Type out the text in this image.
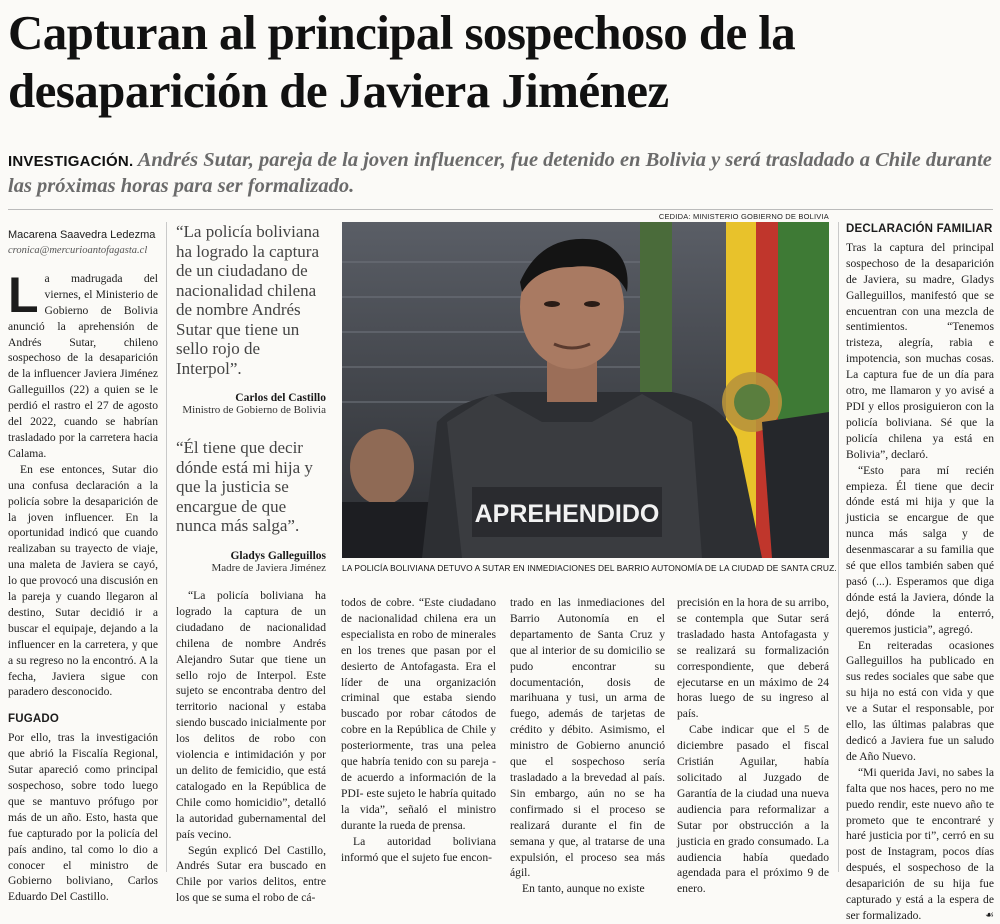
Capturan al principal sospechoso de la desaparición de Javiera Jiménez
INVESTIGACIÓN. Andrés Sutar, pareja de la joven influencer, fue detenido en Bolivia y será trasladado a Chile durante las próximas horas para ser formalizado.
Macarena Saavedra Ledezma
cronica@mercurioantofagasta.cl

La madrugada del viernes, el Ministerio de Gobierno de Bolivia anunció la aprehensión de Andrés Sutar, chileno sospechoso de la desaparición de la influencer Javiera Jiménez Galleguillos (22) a quien se le perdió el rastro el 27 de agosto del 2022, cuando se habrían trasladado por la carretera hacia Calama.

En ese entonces, Sutar dio una confusa declaración a la policía sobre la desaparición de la joven influencer. En la oportunidad indicó que cuando realizaban su trayecto de viaje, una maleta de Javiera se cayó, lo que provocó una discusión en la pareja y cuando llegaron al destino, Sutar decidió ir a buscar el equipaje, dejando a la influencer en la carretera, y que a su regreso no la encontró. A la fecha, Javiera sigue con paradero desconocido.

FUGADO

Por ello, tras la investigación que abrió la Fiscalía Regional, Sutar apareció como principal sospechoso, sobre todo luego que se mantuvo prófugo por más de un año. Esto, hasta que fue capturado por la policía del país andino, tal como lo dio a conocer el ministro de Gobierno boliviano, Carlos Eduardo Del Castillo.

“La policía boliviana ha logrado la captura de un ciudadano de nacionalidad chilena de nombre Andrés Sutar que tiene un sello rojo de Interpol”.
Carlos del Castillo
Ministro de Gobierno de Bolivia
“Él tiene que decir dónde está mi hija y que la justicia se encargue de que nunca más salga”.
Gladys Galleguillos
Madre de Javiera Jiménez
CEDIDA: MINISTERIO GOBIERNO DE BOLIVIA
APREHENDIDO
LA POLICÍA BOLIVIANA DETUVO A SUTAR EN INMEDIACIONES DEL BARRIO AUTONOMÍA DE LA CIUDAD DE SANTA CRUZ.

“La policía boliviana ha logrado la captura de un ciudadano de nacionalidad chilena de nombre Andrés Alejandro Sutar que tiene un sello rojo de Interpol. Este sujeto se encontraba dentro del territorio nacional y estaba siendo buscado inicialmente por los delitos de robo con violencia e intimidación y por un delito de femicidio, que está catalogado en la República de Chile como homicidio”, detalló la autoridad gubernamental del país vecino.

Según explicó Del Castillo, Andrés Sutar era buscado en Chile por varios delitos, entre los que se suma el robo de cá-

todos de cobre. “Este ciudadano de nacionalidad chilena era un especialista en robo de minerales en los trenes que pasan por el desierto de Antofagasta. Era el líder de una organización criminal que estaba siendo buscado por robar cátodos de cobre en la República de Chile y posteriormente, tras una pelea que habría tenido con su pareja -de acuerdo a información de la PDI- este sujeto le habría quitado la vida”, señaló el ministro durante la rueda de prensa.

La autoridad boliviana informó que el sujeto fue encon-

trado en las inmediaciones del Barrio Autonomía en el departamento de Santa Cruz y que al interior de su domicilio se pudo encontrar su documentación, dosis de marihuana y tusi, un arma de fuego, además de tarjetas de crédito y débito. Asimismo, el ministro de Gobierno anunció que el sospechoso sería trasladado a la brevedad al país. Sin embargo, aún no se ha confirmado si el proceso se realizará durante el fin de semana y que, al tratarse de una expulsión, el proceso sea más ágil.

En tanto, aunque no existe

precisión en la hora de su arribo, se contempla que Sutar será trasladado hasta Antofagasta y se realizará su formalización correspondiente, que deberá ejecutarse en un máximo de 24 horas luego de su ingreso al país.

Cabe indicar que el 5 de diciembre pasado el fiscal Cristián Aguilar, había solicitado al Juzgado de Garantía de la ciudad una nueva audiencia para reformalizar a Sutar por obstrucción a la justicia en grado consumado. La audiencia había quedado agendada para el próximo 9 de enero.

DECLARACIÓN FAMILIAR

Tras la captura del principal sospechoso de la desaparición de Javiera, su madre, Gladys Galleguillos, manifestó que se encuentran con una mezcla de sentimientos. “Tenemos tristeza, alegría, rabia e impotencia, son muchas cosas. La captura fue de un día para otro, me llamaron y yo avisé a PDI y ellos prosiguieron con la policía boliviana. Sé que la policía chilena ya está en Bolivia”, declaró.

“Esto para mí recién empieza. Él tiene que decir dónde está mi hija y que la justicia se encargue de que nunca más salga y de desenmascarar a su familia que sé que ellos también saben qué pasó (...). Esperamos que diga dónde está la Javiera, dónde la dejó, dónde la enterró, queremos justicia”, agregó.

En reiteradas ocasiones Galleguillos ha publicado en sus redes sociales que sabe que su hija no está con vida y que ve a Sutar el responsable, por ello, las últimas palabras que dedicó a Javiera fue un saludo de Año Nuevo.

“Mi querida Javi, no sabes la falta que nos haces, pero no me puedo rendir, este nuevo año te prometo que te encontraré y haré justicia por ti”, cerró en su post de Instagram, pocos días después, el sospechoso de la desaparición de su hija fue capturado y está a la espera de ser formalizado.	☙
